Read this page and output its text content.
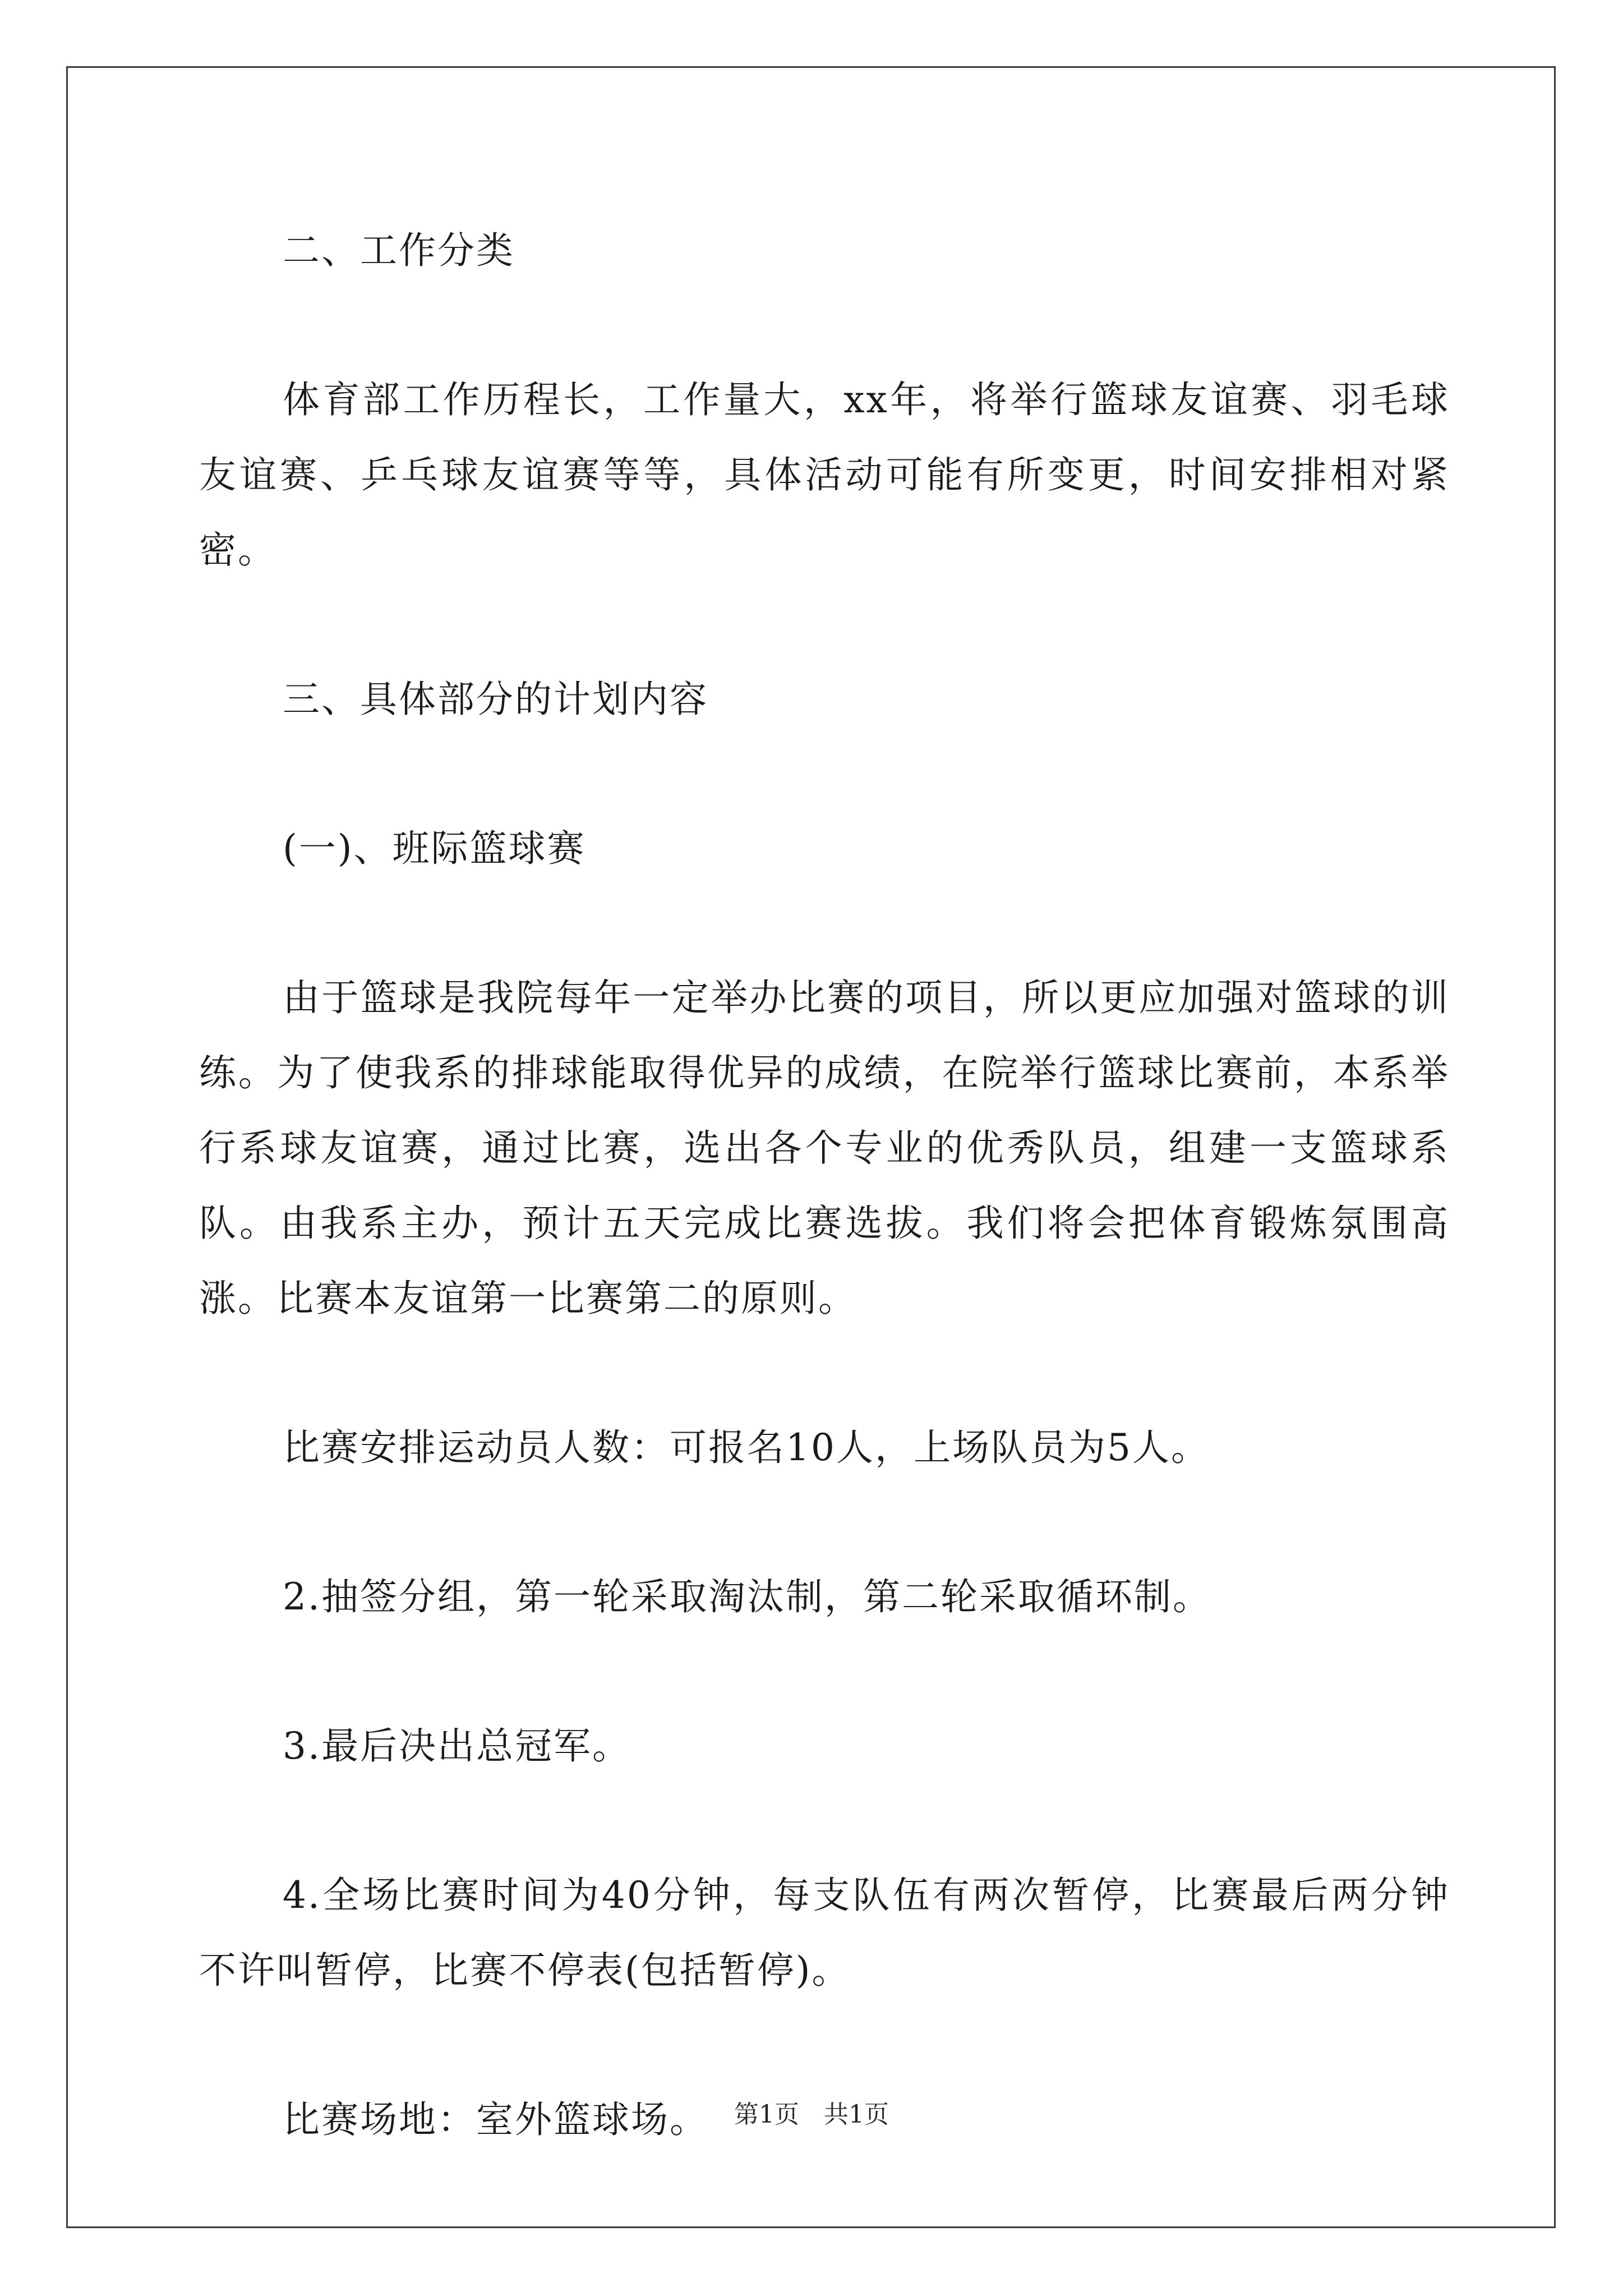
二、工作分类

体育部工作历程长，工作量大，xx年，将举行篮球友谊赛、羽毛球友谊赛、乒乓球友谊赛等等，具体活动可能有所变更，时间安排相对紧密。

三、具体部分的计划内容

(一)、班际篮球赛

由于篮球是我院每年一定举办比赛的项目，所以更应加强对篮球的训练。为了使我系的排球能取得优异的成绩，在院举行篮球比赛前，本系举行系球友谊赛，通过比赛，选出各个专业的优秀队员，组建一支篮球系队。由我系主办，预计五天完成比赛选拔。我们将会把体育锻炼氛围高涨。比赛本友谊第一比赛第二的原则。

比赛安排运动员人数：可报名10人，上场队员为5人。

2.抽签分组，第一轮采取淘汰制，第二轮采取循环制。

3.最后决出总冠军。

4.全场比赛时间为40分钟，每支队伍有两次暂停，比赛最后两分钟不许叫暂停，比赛不停表(包括暂停)。

比赛场地：室外篮球场。	第1页　共1页
